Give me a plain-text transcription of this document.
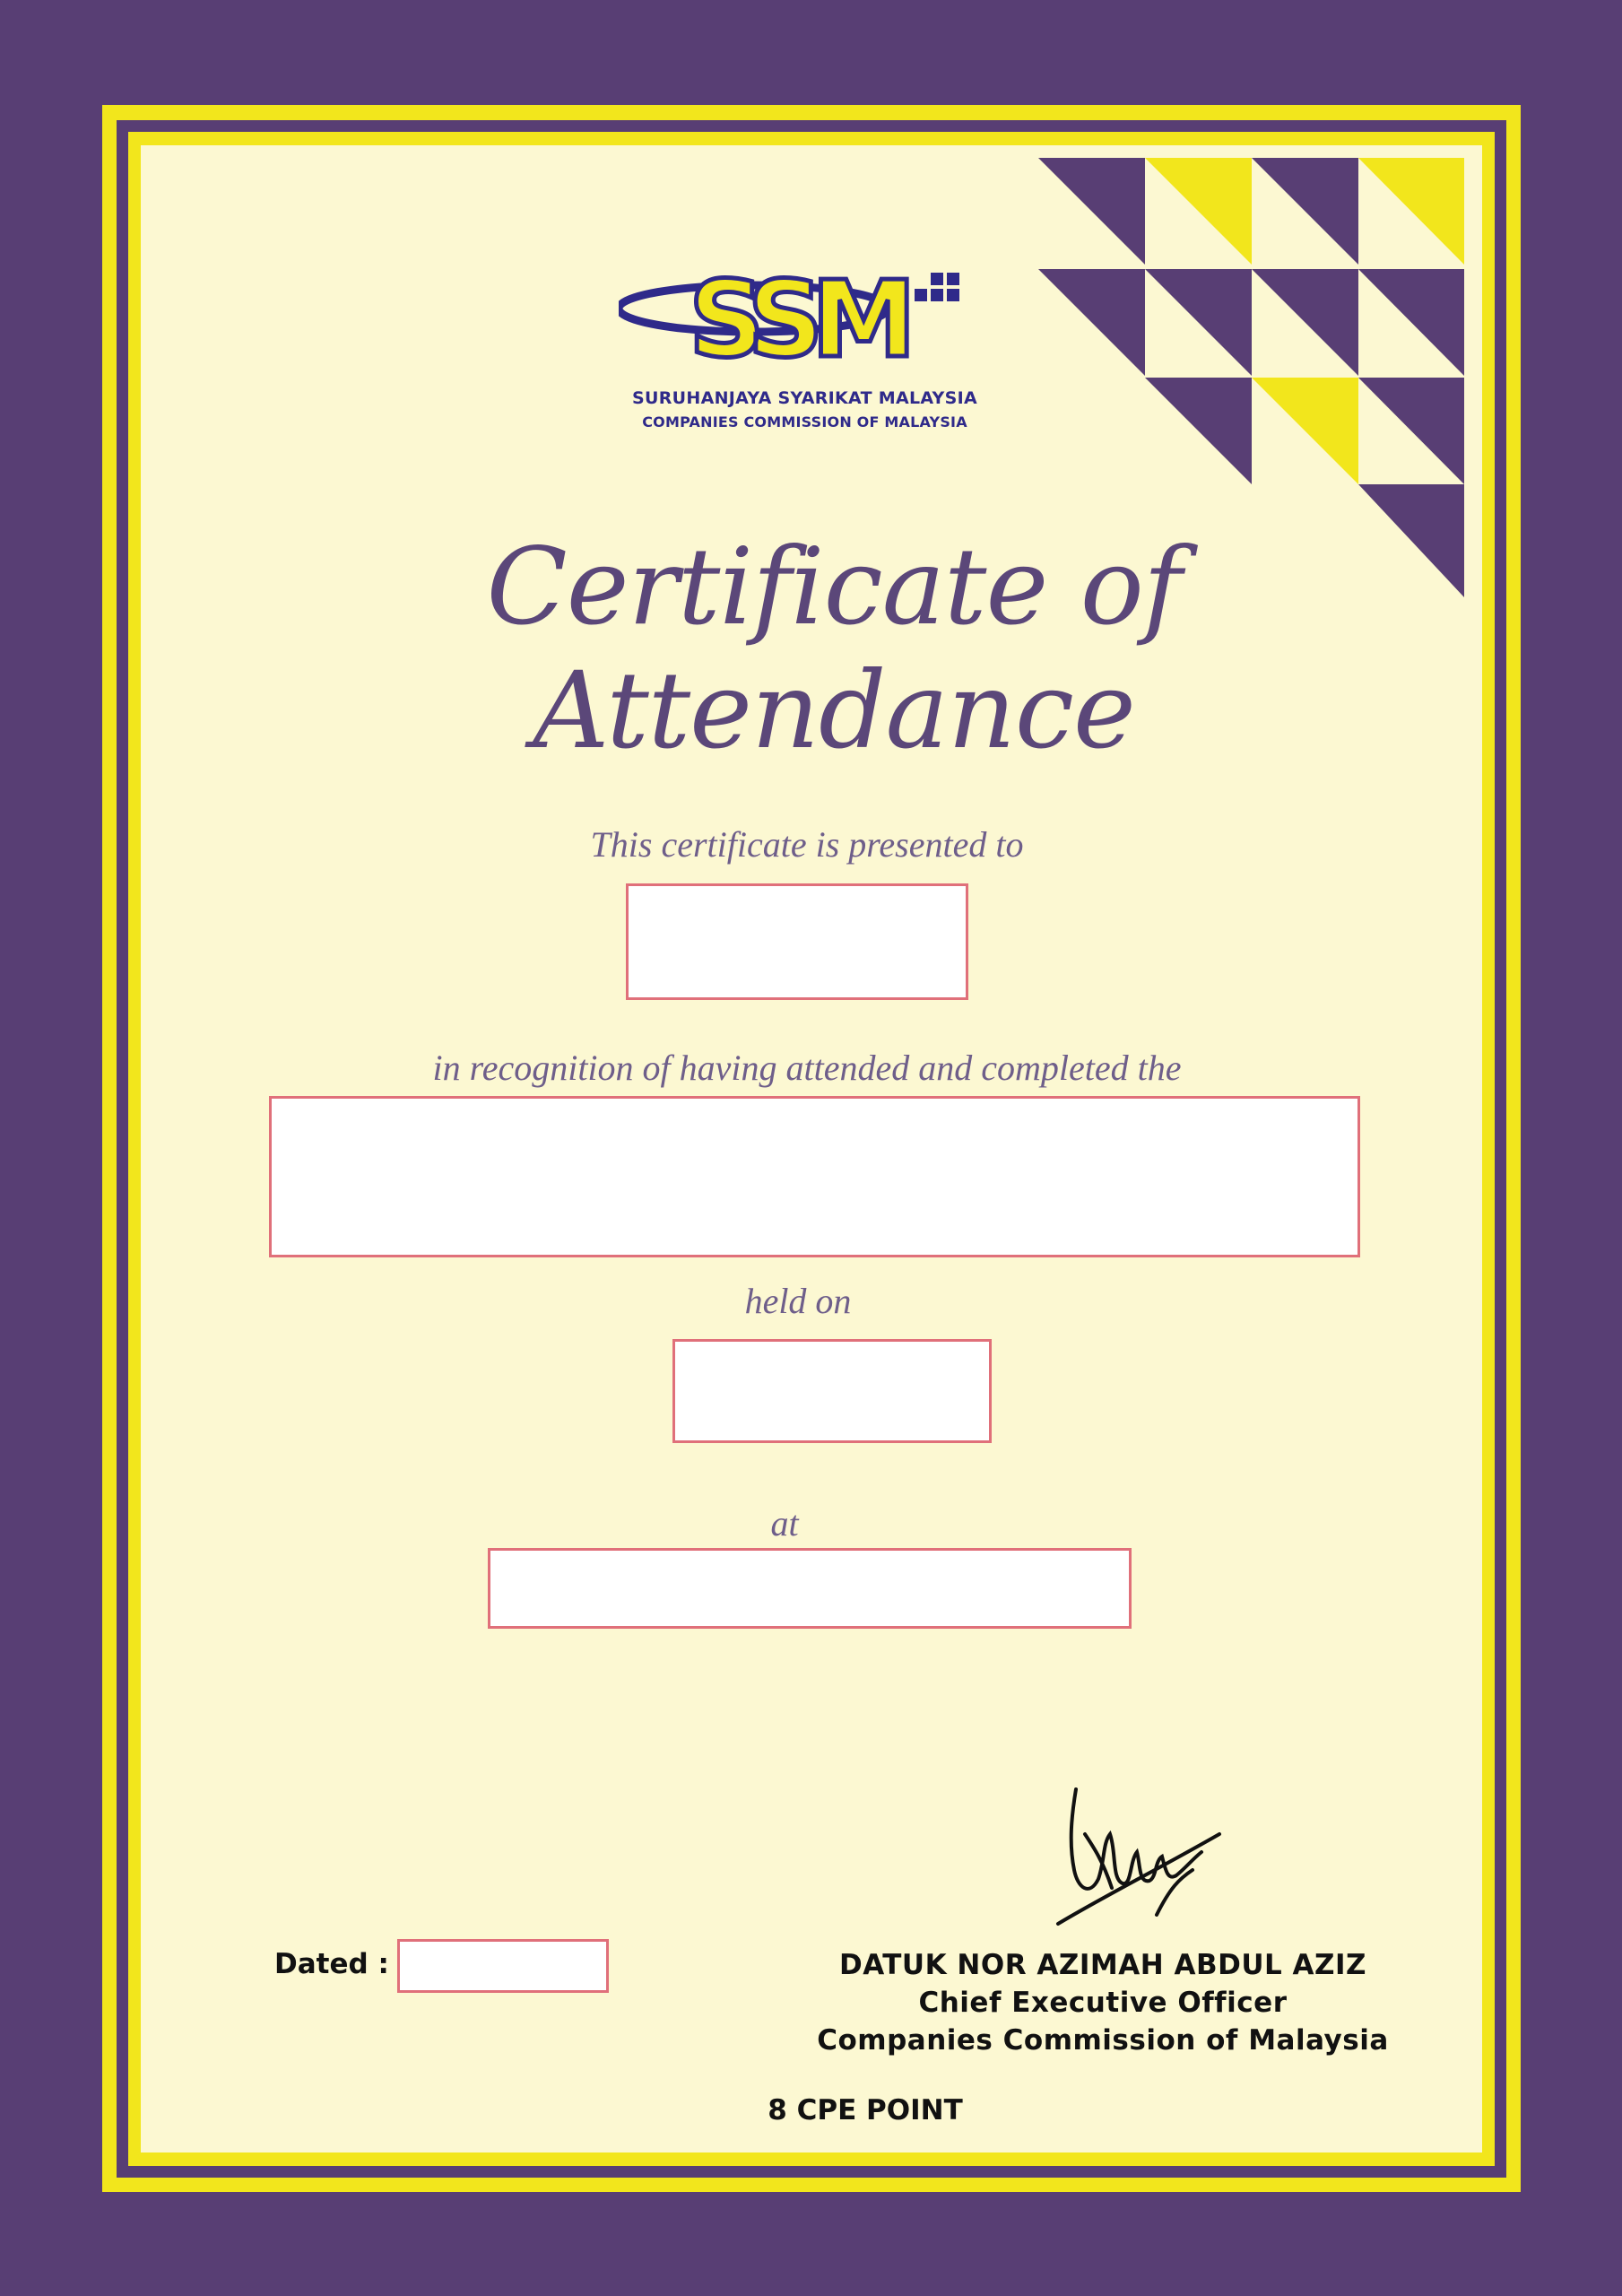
SSM
SURUHANJAYA SYARIKAT MALAYSIA
COMPANIES COMMISSION OF MALAYSIA
Certificate of Attendance
This certificate is presented to
in recognition of having attended and completed the
held on
at
Dated :	DATUK NOR AZIMAH ABDUL AZIZ
Chief Executive Officer
Companies Commission of Malaysia
8 CPE POINT
